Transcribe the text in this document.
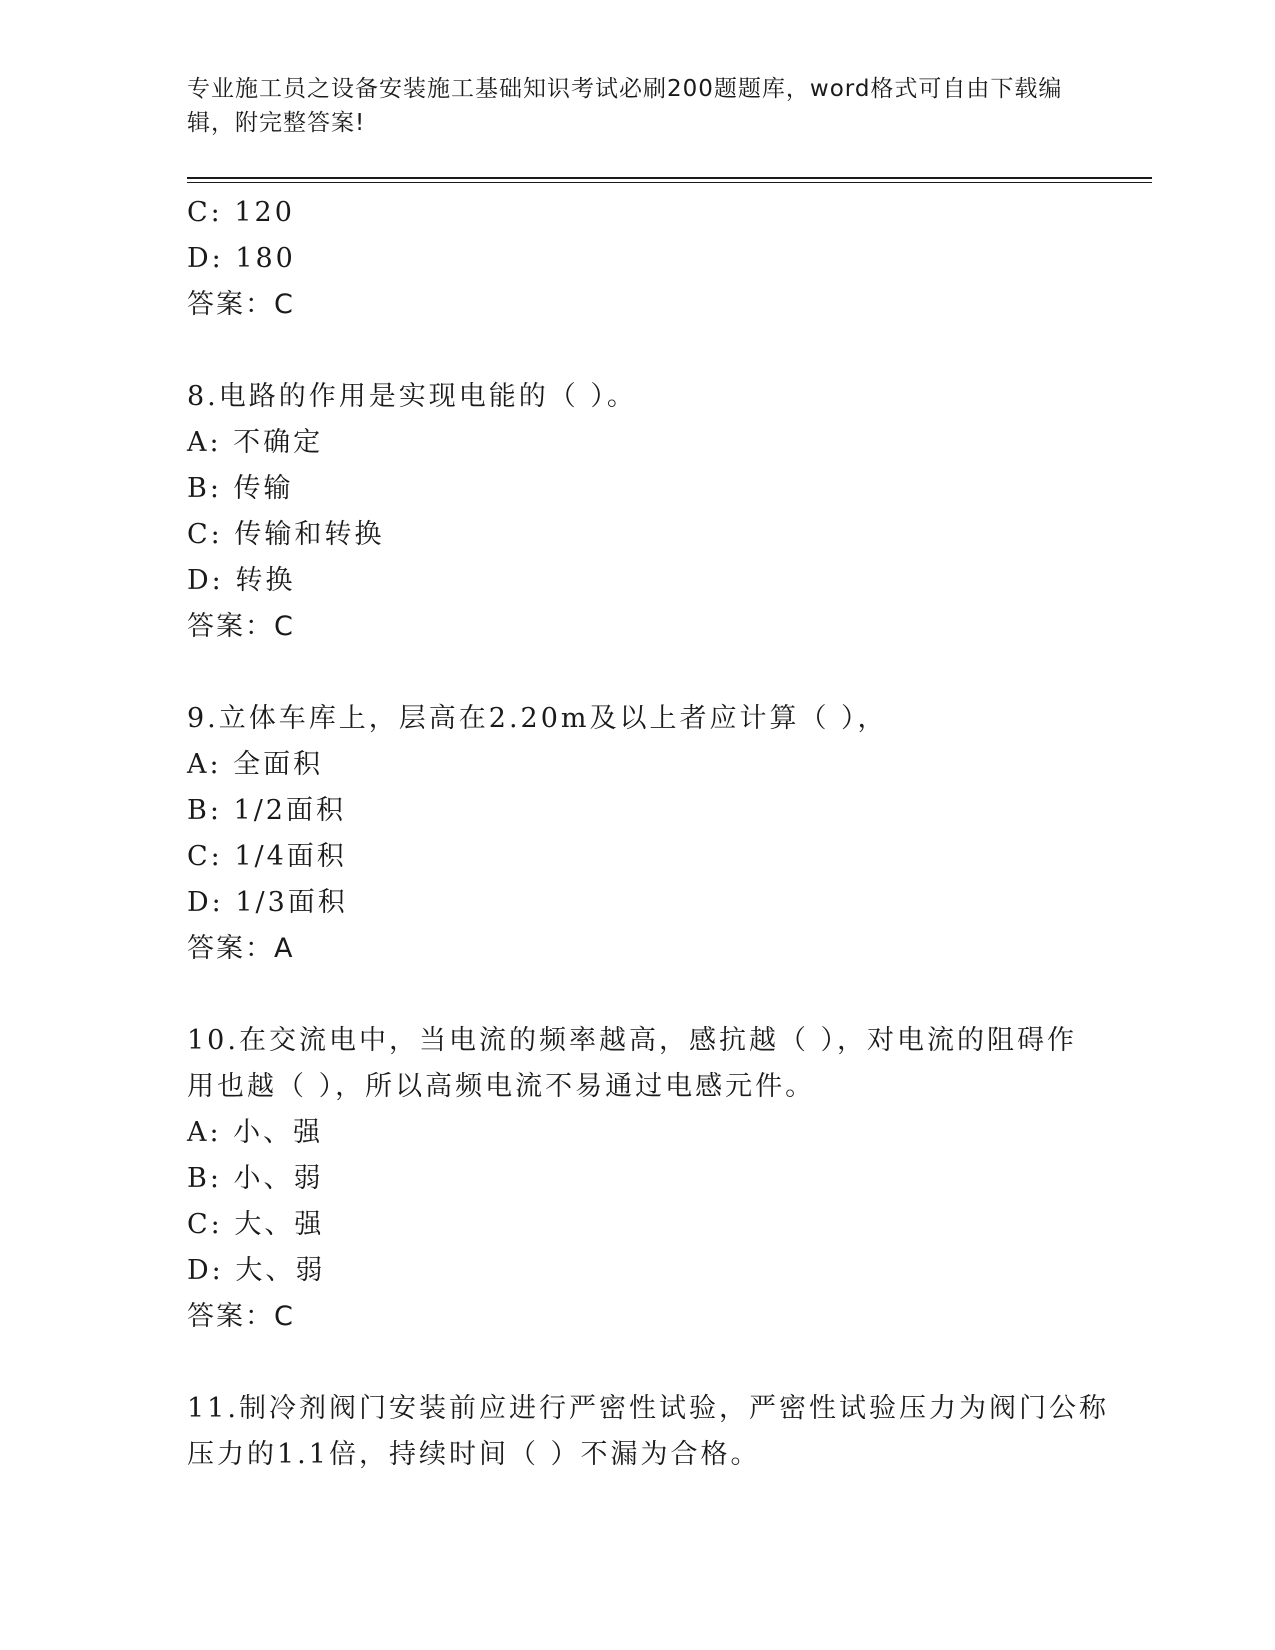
专业施工员之设备安装施工基础知识考试必刷200题题库，word格式可自由下载编辑，附完整答案!
C: 120
D: 180
答案：C
8.电路的作用是实现电能的（ ）。
A: 不确定
B: 传输
C: 传输和转换
D: 转换
答案：C
9.立体车库上，层高在2.20m及以上者应计算（ ），
A: 全面积
B: 1/2面积
C: 1/4面积
D: 1/3面积
答案：A
10.在交流电中，当电流的频率越高，感抗越（ ），对电流的阻碍作
用也越（ ），所以高频电流不易通过电感元件。
A: 小、强
B: 小、弱
C: 大、强
D: 大、弱
答案：C
11.制冷剂阀门安装前应进行严密性试验，严密性试验压力为阀门公称
压力的1.1倍，持续时间（ ）不漏为合格。
